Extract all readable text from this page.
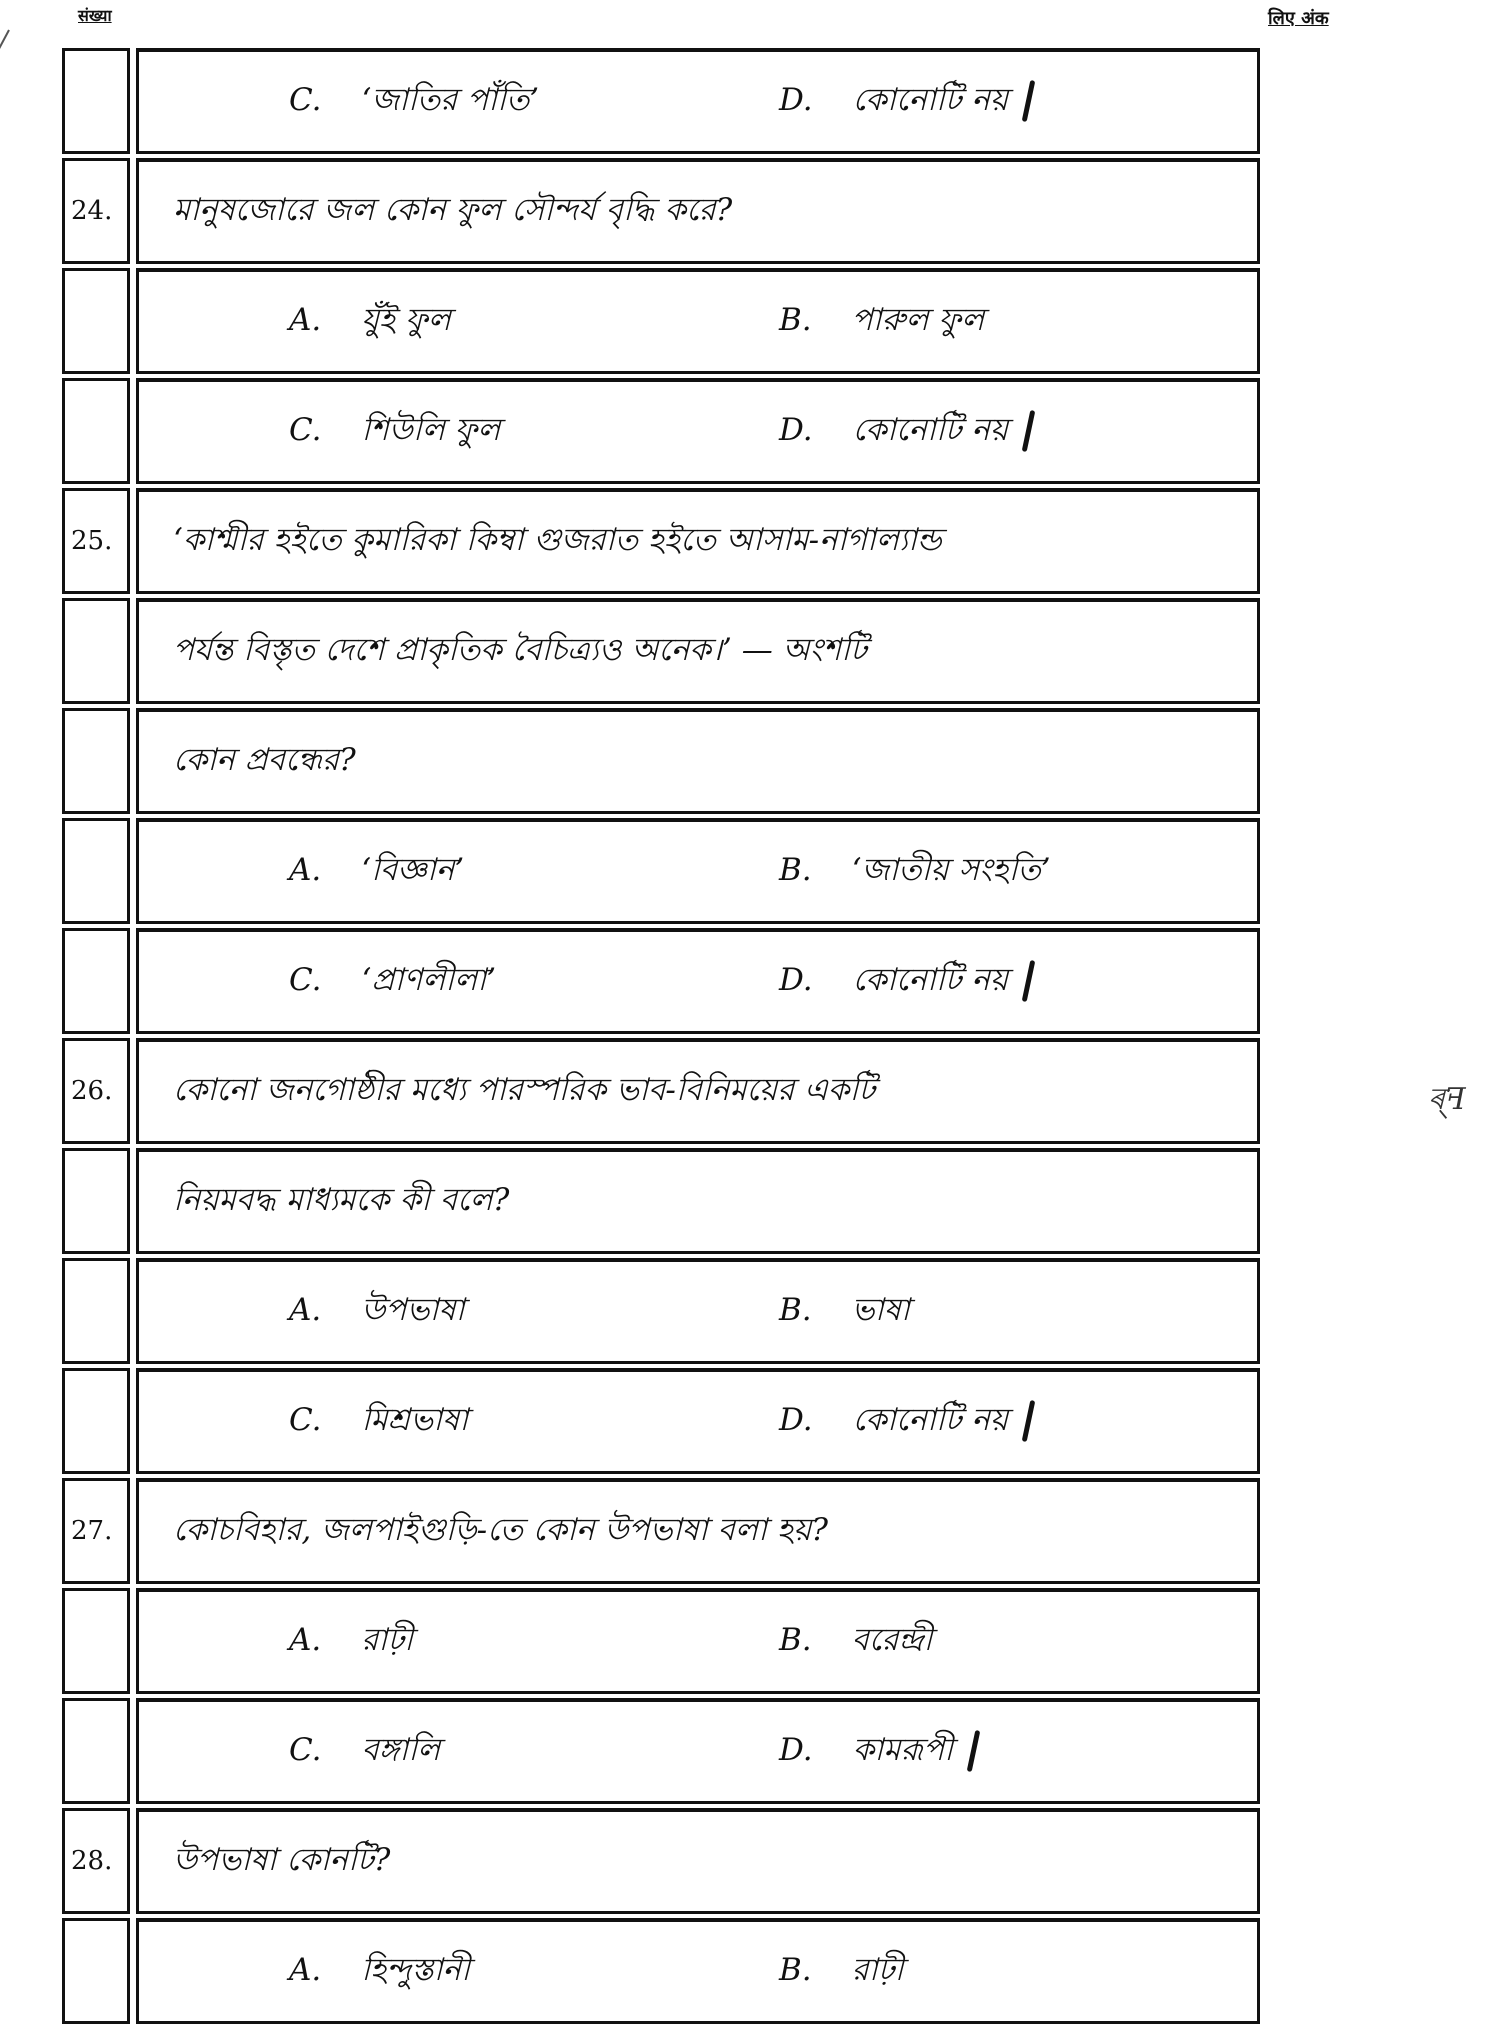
संख्या	लिए अंक
ৰ্‍ꟻ
C. ‘জাতির পাঁতি’	D. কোনোটি নয়
24.	মানুষজোরে জল কোন ফুল সৌন্দর্য বৃদ্ধি করে?
A. যুঁই ফুল	B. পারুল ফুল
C. শিউলি ফুল	D. কোনোটি নয়
25.	‘কাশ্মীর হইতে কুমারিকা কিম্বা গুজরাত হইতে আসাম-নাগাল্যান্ড
পর্যন্ত বিস্তৃত দেশে প্রাকৃতিক বৈচিত্র্যও অনেক।’ — অংশটি
কোন প্রবন্ধের?
A. ‘বিজ্ঞান’	B. ‘জাতীয় সংহতি’
C. ‘প্রাণলীলা’	D. কোনোটি নয়
26.	কোনো জনগোষ্ঠীর মধ্যে পারস্পরিক ভাব-বিনিময়ের একটি
নিয়মবদ্ধ মাধ্যমকে কী বলে?
A. উপভাষা	B. ভাষা
C. মিশ্রভাষা	D. কোনোটি নয়
27.	কোচবিহার, জলপাইগুড়ি-তে কোন উপভাষা বলা হয়?
A. রাঢ়ী	B. বরেন্দ্রী
C. বঙ্গালি	D. কামরূপী
28.	উপভাষা কোনটি?
A. হিন্দুস্তানী	B. রাঢ়ী
